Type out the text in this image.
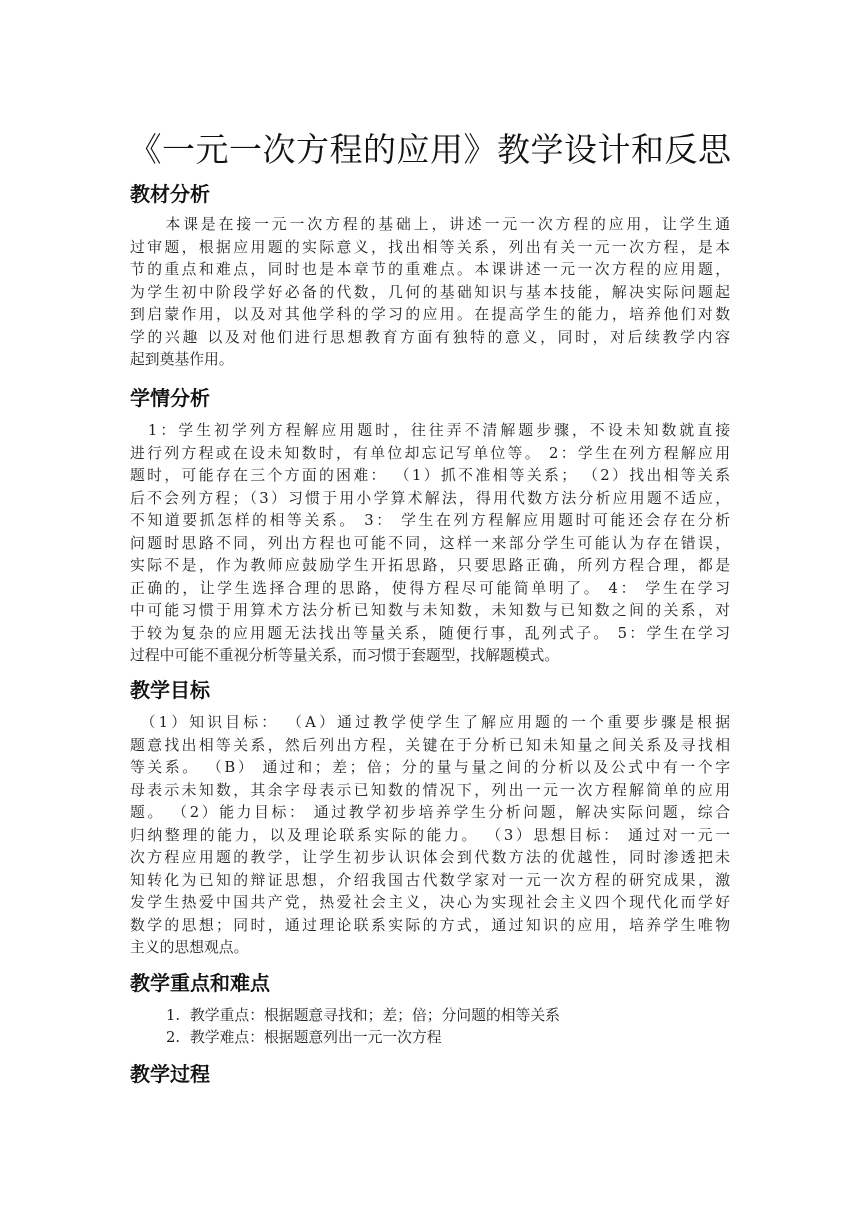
《一元一次方程的应用》教学设计和反思
教材分析
　　本课是在接一元一次方程的基础上，讲述一元一次方程的应用，让学生通
过审题，根据应用题的实际意义，找出相等关系，列出有关一元一次方程，是本
节的重点和难点，同时也是本章节的重难点。本课讲述一元一次方程的应用题，
为学生初中阶段学好必备的代数，几何的基础知识与基本技能，解决实际问题起
到启蒙作用，以及对其他学科的学习的应用。在提高学生的能力，培养他们对数
学的兴趣 以及对他们进行思想教育方面有独特的意义，同时，对后续教学内容
起到奠基作用。
学情分析
　1：学生初学列方程解应用题时，往往弄不清解题步骤，不设未知数就直接
进行列方程或在设未知数时，有单位却忘记写单位等。 2：学生在列方程解应用
题时，可能存在三个方面的困难： （1）抓不准相等关系； （2）找出相等关系
后不会列方程；（3）习惯于用小学算术解法，得用代数方法分析应用题不适应，
不知道要抓怎样的相等关系。 3： 学生在列方程解应用题时可能还会存在分析
问题时思路不同，列出方程也可能不同，这样一来部分学生可能认为存在错误，
实际不是，作为教师应鼓励学生开拓思路，只要思路正确，所列方程合理，都是
正确的，让学生选择合理的思路，使得方程尽可能简单明了。 4： 学生在学习
中可能习惯于用算术方法分析已知数与未知数，未知数与已知数之间的关系，对
于较为复杂的应用题无法找出等量关系，随便行事，乱列式子。 5：学生在学习
过程中可能不重视分析等量关系，而习惯于套题型，找解题模式。
教学目标
　（1）知识目标： （A）通过教学使学生了解应用题的一个重要步骤是根据
题意找出相等关系，然后列出方程，关键在于分析已知未知量之间关系及寻找相
等关系。 （B） 通过和；差；倍；分的量与量之间的分析以及公式中有一个字
母表示未知数，其余字母表示已知数的情况下，列出一元一次方程解简单的应用
题。 （2）能力目标： 通过教学初步培养学生分析问题，解决实际问题，综合
归纳整理的能力，以及理论联系实际的能力。 （3）思想目标： 通过对一元一
次方程应用题的教学，让学生初步认识体会到代数方法的优越性，同时渗透把未
知转化为已知的辩证思想，介绍我国古代数学家对一元一次方程的研究成果，激
发学生热爱中国共产党，热爱社会主义，决心为实现社会主义四个现代化而学好
数学的思想；同时，通过理论联系实际的方式，通过知识的应用，培养学生唯物
主义的思想观点。
教学重点和难点
1. 教学重点：根据题意寻找和；差；倍；分问题的相等关系
2. 教学难点：根据题意列出一元一次方程
教学过程
